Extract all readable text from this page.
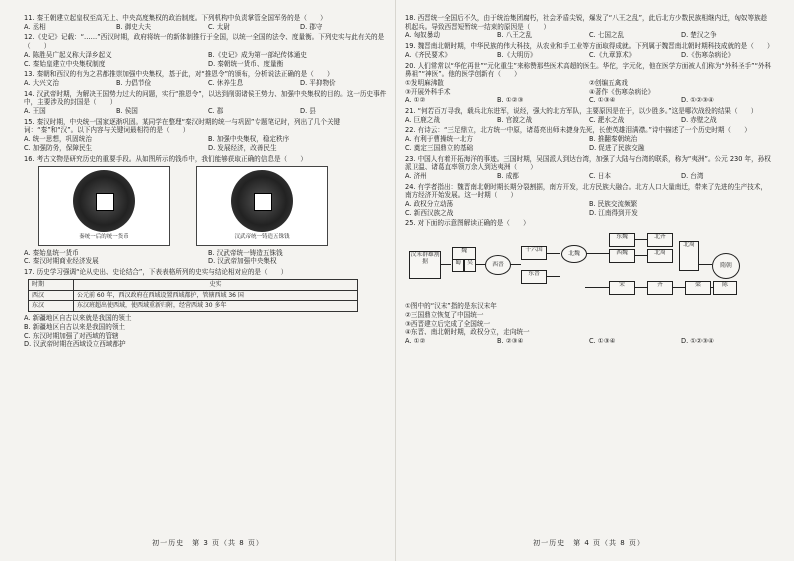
11. 秦王朝建立起皇权至高无上、中央高度集权的政治制度。下列机构中负责掌管全国军务的是（　　）
A. 丞相	B. 御史大夫	C. 太尉	D. 郡守
12.《史记》记载：“……”西汉时期，政府将统一的新体制推行于全国，以统一全国的法令、度量衡。下列史实与此有关的是（　　）
A. 陈胜吴广起义称大泽乡起义	B.《史记》成为第一部纪传体通史
C. 秦始皇建立中央集权制度	D. 秦朝统一货币、度量衡
13. 秦朝和西汉的有为之君都推崇加强中央集权，基于此，对“推恩令”的颁布，分析说法正确的是（　　）
A. 大兴文治	B. 力倡节俭	C. 休养生息	D. 平抑物价
14. 汉武帝时期，为解决王国势力过大的问题，实行“推恩令”，以达到削弱诸侯王势力、加强中央集权的目的。这一历史事件中，主要涉及的封国是（　　）
A. 王国	B. 侯国	C. 郡	D. 县
15. 秦汉时期，中央统一国家逐渐巩固。某同学在整理“秦汉时期的统一与巩固”专题笔记时，列出了几个关键词：“秦”和“汉”。以下内容与关键词最相符的是（　　）
A. 统一思想，巩固统治	B. 加强中央集权，稳定秩序
C. 加强防务，保障民生	D. 发展经济，改善民生
16. 考古文物是研究历史的重要手段。从如图所示的钱币中，我们能够获取正确的信息是（　　）
秦统一后的统一货币	汉武帝统一铸造五铢钱
A. 秦始皇统一货币	B. 汉武帝统一铸造五铢钱
C. 秦汉时期商业经济发展	D. 汉武帝加强中央集权
17. 历史学习强调“论从史出、史论结合”，下表表格所列的史实与结论相对应的是（　　）
时期	史实
西汉	公元前 60 年，西汉政府在西域设置西域都护，管辖西域 36 国
东汉	东汉班超出使西域，使西域重新归附，经营西域 30 多年
A. 新疆地区自古以来就是我国的领土
B. 新疆地区自古以来是我国的领土
C. 东汉时期加强了对西域的管辖
D. 汉武帝时期在西域设立西域都护
初一历史　第 3 页（共 8 页）
18. 西晋统一全国后不久，由于统治集团腐朽，社会矛盾尖锐，爆发了“八王之乱”，此后北方少数民族相继内迁，匈奴等族趁机起兵。导致西晋短暂统一结束的原因是（　　）
A. 匈奴暴动	B. 八王之乱	C. 七国之乱	D. 楚汉之争
19. 魏晋南北朝时期，中华民族的伟大科技，从农业和手工业等方面取得成就。下列属于魏晋南北朝时期科技成就的是（　　）
A.《齐民要术》	B.《大明历》	C.《九章算术》	D.《伤寒杂病论》
20. 人们常常以“华佗再世”“元化重生”来称赞那些医术高超的医生。华佗，字元化，他在医学方面被人们称为“外科圣手”“外科鼻祖”“神医”。他的医学创新有（　　）
①发明麻沸散	②创编五禽戏
③开展外科手术	④著作《伤寒杂病论》
A. ①②	B. ①②③	C. ①③④	D. ①②③④
21. “何若百万寻我，载兵北东进军，说经，强大的北方军队，主要原因是在于，以少胜多。”这是哪次战役的结果（　　）
A. 巨鹿之战	B. 官渡之战	C. 淝水之战	D. 赤壁之战
22. 有诗云：“三足鼎立，北方统一中原，诸葛亮出师未捷身先死，长使英雄泪满襟。”诗中描述了一个历史时期（　　）
A. 有利于曹操统一北方	B. 推翻秦朝统治
C. 奠定三国鼎立的基础	D. 促进了民族交融
23. 中国人有着开拓海洋的事迹。三国时期，吴国派人到达台湾，加强了大陆与台湾的联系，称为“夷洲”。公元 230 年，孙权派卫温、诸葛直率领万余人到达夷洲（　　）
A. 济州	B. 成都	C. 日本	D. 台湾
24. 有学者指出：魏晋南北朝时期长期分裂割据，南方开发，北方民族大融合。北方人口大量南迁，带来了先进的生产技术，南方经济开始发展。这一时期（　　）
A. 政权分立动荡	B. 民族交流频繁
C. 新西汉族之战	D. 江南得到开发
25. 对下面的示意图解读正确的是（　　）
汉末群雄割据
魏
蜀	吴	西晋
十六国
东晋
北魏
东魏
西魏
北齐
北周
宋	齐	梁	陈
北周
隋朝
①图中的“汉末”指的是东汉末年
②三国鼎立恢复了中国统一
③西晋建立后完成了全国统一
④东晋、南北朝时期，政权分立，走向统一
A. ①②	B. ②③④	C. ①③④	D. ①②③④
初一历史　第 4 页（共 8 页）
